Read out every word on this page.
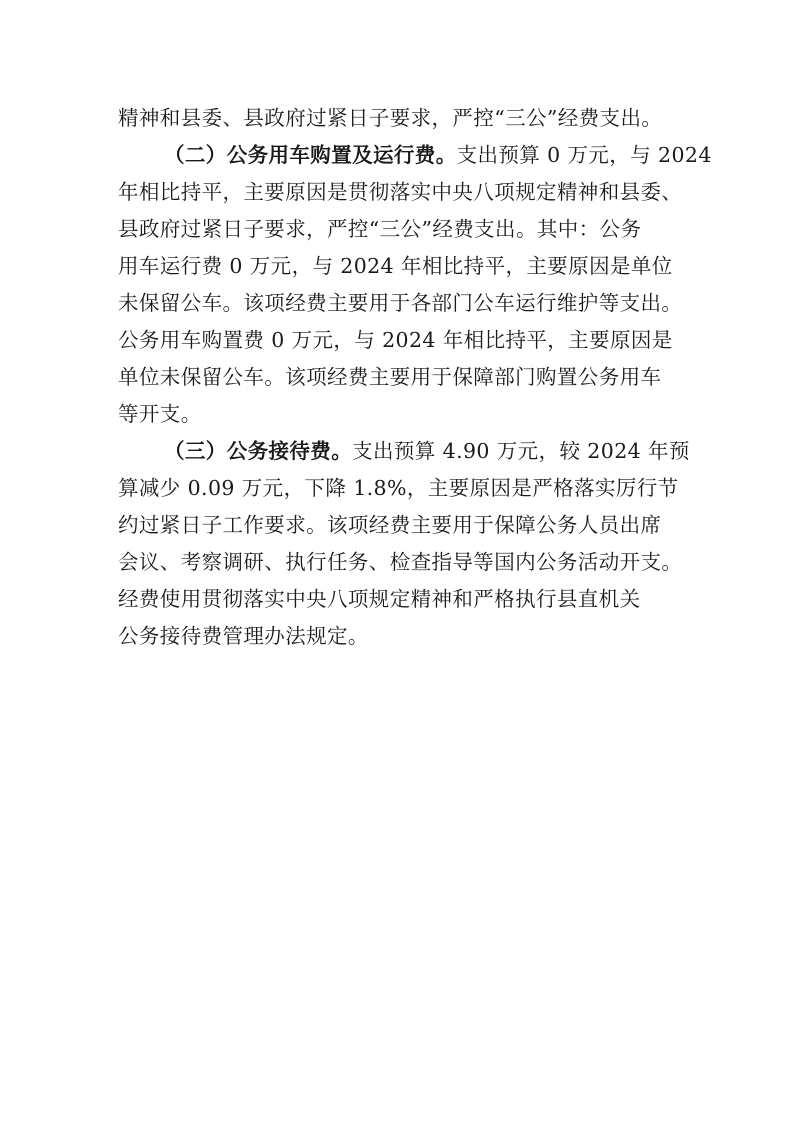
精神和县委、县政府过紧日子要求，严控“三公”经费支出。
（二）公务用车购置及运行费。支出预算 0 万元，与 2024
年相比持平，主要原因是贯彻落实中央八项规定精神和县委、
县政府过紧日子要求，严控“三公”经费支出。其中：公务
用车运行费 0 万元，与 2024 年相比持平，主要原因是单位
未保留公车。该项经费主要用于各部门公车运行维护等支出。
公务用车购置费 0 万元，与 2024 年相比持平，主要原因是
单位未保留公车。该项经费主要用于保障部门购置公务用车
等开支。
（三）公务接待费。支出预算 4.90 万元，较 2024 年预
算减少 0.09 万元，下降 1.8%，主要原因是严格落实厉行节
约过紧日子工作要求。该项经费主要用于保障公务人员出席
会议、考察调研、执行任务、检查指导等国内公务活动开支。
经费使用贯彻落实中央八项规定精神和严格执行县直机关
公务接待费管理办法规定。
